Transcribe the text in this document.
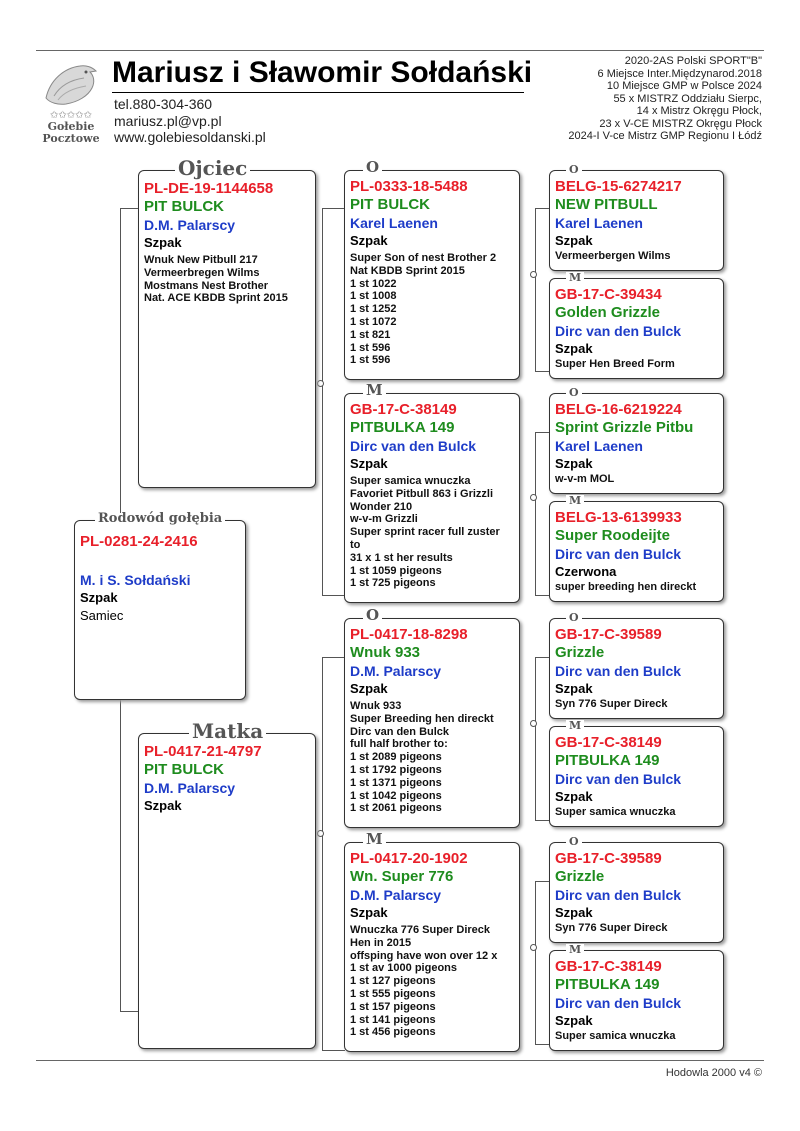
✩✩✩✩✩
Gołebie
Pocztowe
Mariusz i Sławomir Sołdański
tel.880-304-360
mariusz.pl@vp.pl
www.golebiesoldanski.pl
2020-2AS Polski SPORT"B"
6 Miejsce Inter.Międzynarod.2018
10 Miejsce GMP w Polsce 2024
55 x MISTRZ Oddziału Sierpc,
14 x Mistrz Okręgu Płock,
23 x V-CE MISTRZ Okręgu Płock
2024-I V-ce Mistrz GMP Regionu I Łódź
Rodowód gołębia
PL-0281-24-2416
M. i S. Sołdański
Szpak
Samiec
Ojciec
PL-DE-19-1144658
PIT BULCK
D.M. Palarscy
Szpak
Wnuk New Pitbull 217
Vermeerbregen Wilms
Mostmans Nest Brother
Nat. ACE KBDB Sprint 2015
Matka
PL-0417-21-4797
PIT BULCK
D.M. Palarscy
Szpak
O
PL-0333-18-5488
PIT BULCK
Karel Laenen
Szpak
Super Son of nest Brother 2
Nat KBDB Sprint 2015
1 st 1022
1 st 1008
1 st 1252
1 st 1072
1 st 821
1 st 596
1 st 596
M
GB-17-C-38149
PITBULKA 149
Dirc van den Bulck
Szpak
Super samica wnuczka
Favoriet Pitbull 863 i Grizzli
Wonder 210
w-v-m Grizzli
Super sprint racer full zuster
to
31 x 1 st her results
1 st 1059 pigeons
1 st 725 pigeons
O
PL-0417-18-8298
Wnuk 933
D.M. Palarscy
Szpak
Wnuk 933
Super Breeding hen direckt
Dirc van den Bulck
full half brother to:
1 st 2089 pigeons
1 st 1792 pigeons
1 st 1371 pigeons
1 st 1042 pigeons
1 st 2061 pigeons
M
PL-0417-20-1902
Wn. Super 776
D.M. Palarscy
Szpak
Wnuczka 776 Super Direck
Hen in 2015
offsping have won over 12 x
1 st av 1000 pigeons
1 st 127 pigeons
1 st 555 pigeons
1 st 157 pigeons
1 st 141 pigeons
1 st 456 pigeons
O
BELG-15-6274217
NEW PITBULL
Karel Laenen
Szpak
Vermeerbergen Wilms
M
GB-17-C-39434
Golden Grizzle
Dirc van den Bulck
Szpak
Super Hen Breed Form
O
BELG-16-6219224
Sprint Grizzle Pitbu
Karel Laenen
Szpak
w-v-m MOL
M
BELG-13-6139933
Super Roodeijte
Dirc van den Bulck
Czerwona
super breeding hen direckt
O
GB-17-C-39589
Grizzle
Dirc van den Bulck
Szpak
Syn 776 Super Direck
M
GB-17-C-38149
PITBULKA 149
Dirc van den Bulck
Szpak
Super samica wnuczka
O
GB-17-C-39589
Grizzle
Dirc van den Bulck
Szpak
Syn 776 Super Direck
M
GB-17-C-38149
PITBULKA 149
Dirc van den Bulck
Szpak
Super samica wnuczka
Hodowla 2000 v4 ©
